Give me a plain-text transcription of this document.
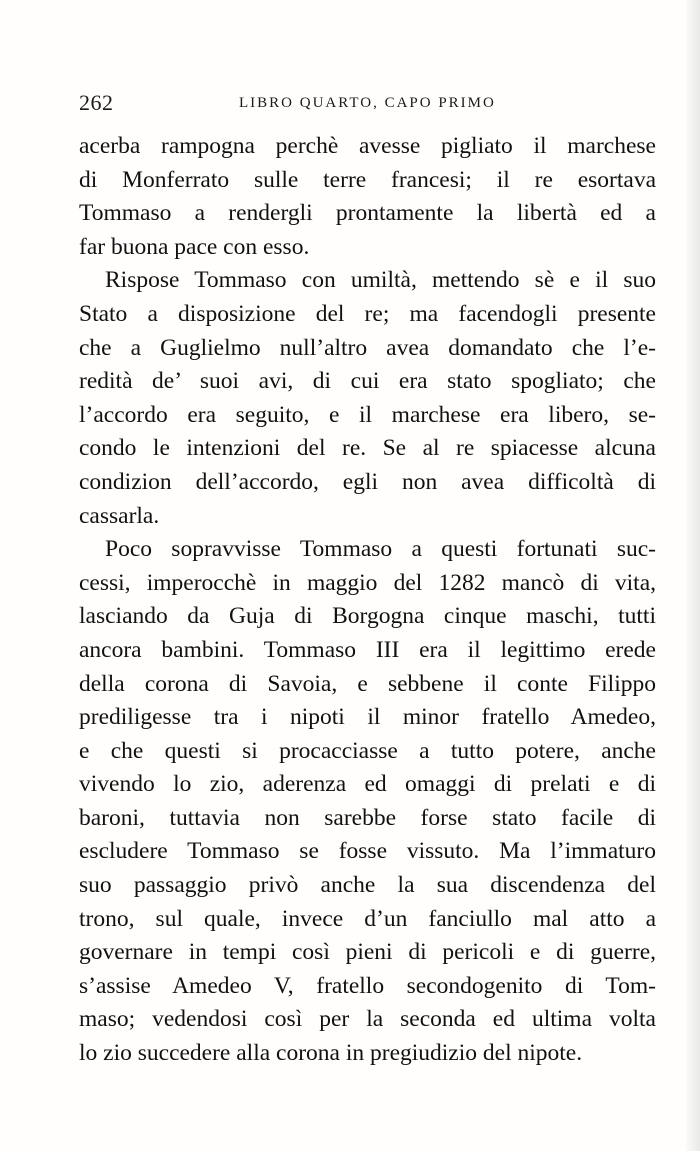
262	LIBRO QUARTO, CAPO PRIMO
acerba rampogna perchè avesse pigliato il marchese
di Monferrato sulle terre francesi; il re esortava
Tommaso a rendergli prontamente la libertà ed a
far buona pace con esso.
Rispose Tommaso con umiltà, mettendo sè e il suo
Stato a disposizione del re; ma facendogli presente
che a Guglielmo null’altro avea domandato che l’e-
redità de’ suoi avi, di cui era stato spogliato; che
l’accordo era seguito, e il marchese era libero, se-
condo le intenzioni del re. Se al re spiacesse alcuna
condizion dell’accordo, egli non avea difficoltà di
cassarla.
Poco sopravvisse Tommaso a questi fortunati suc-
cessi, imperocchè in maggio del 1282 mancò di vita,
lasciando da Guja di Borgogna cinque maschi, tutti
ancora bambini. Tommaso III era il legittimo erede
della corona di Savoia, e sebbene il conte Filippo
prediligesse tra i nipoti il minor fratello Amedeo,
e che questi si procacciasse a tutto potere, anche
vivendo lo zio, aderenza ed omaggi di prelati e di
baroni, tuttavia non sarebbe forse stato facile di
escludere Tommaso se fosse vissuto. Ma l’immaturo
suo passaggio privò anche la sua discendenza del
trono, sul quale, invece d’un fanciullo mal atto a
governare in tempi così pieni di pericoli e di guerre,
s’assise Amedeo V, fratello secondogenito di Tom-
maso; vedendosi così per la seconda ed ultima volta
lo zio succedere alla corona in pregiudizio del nipote.
